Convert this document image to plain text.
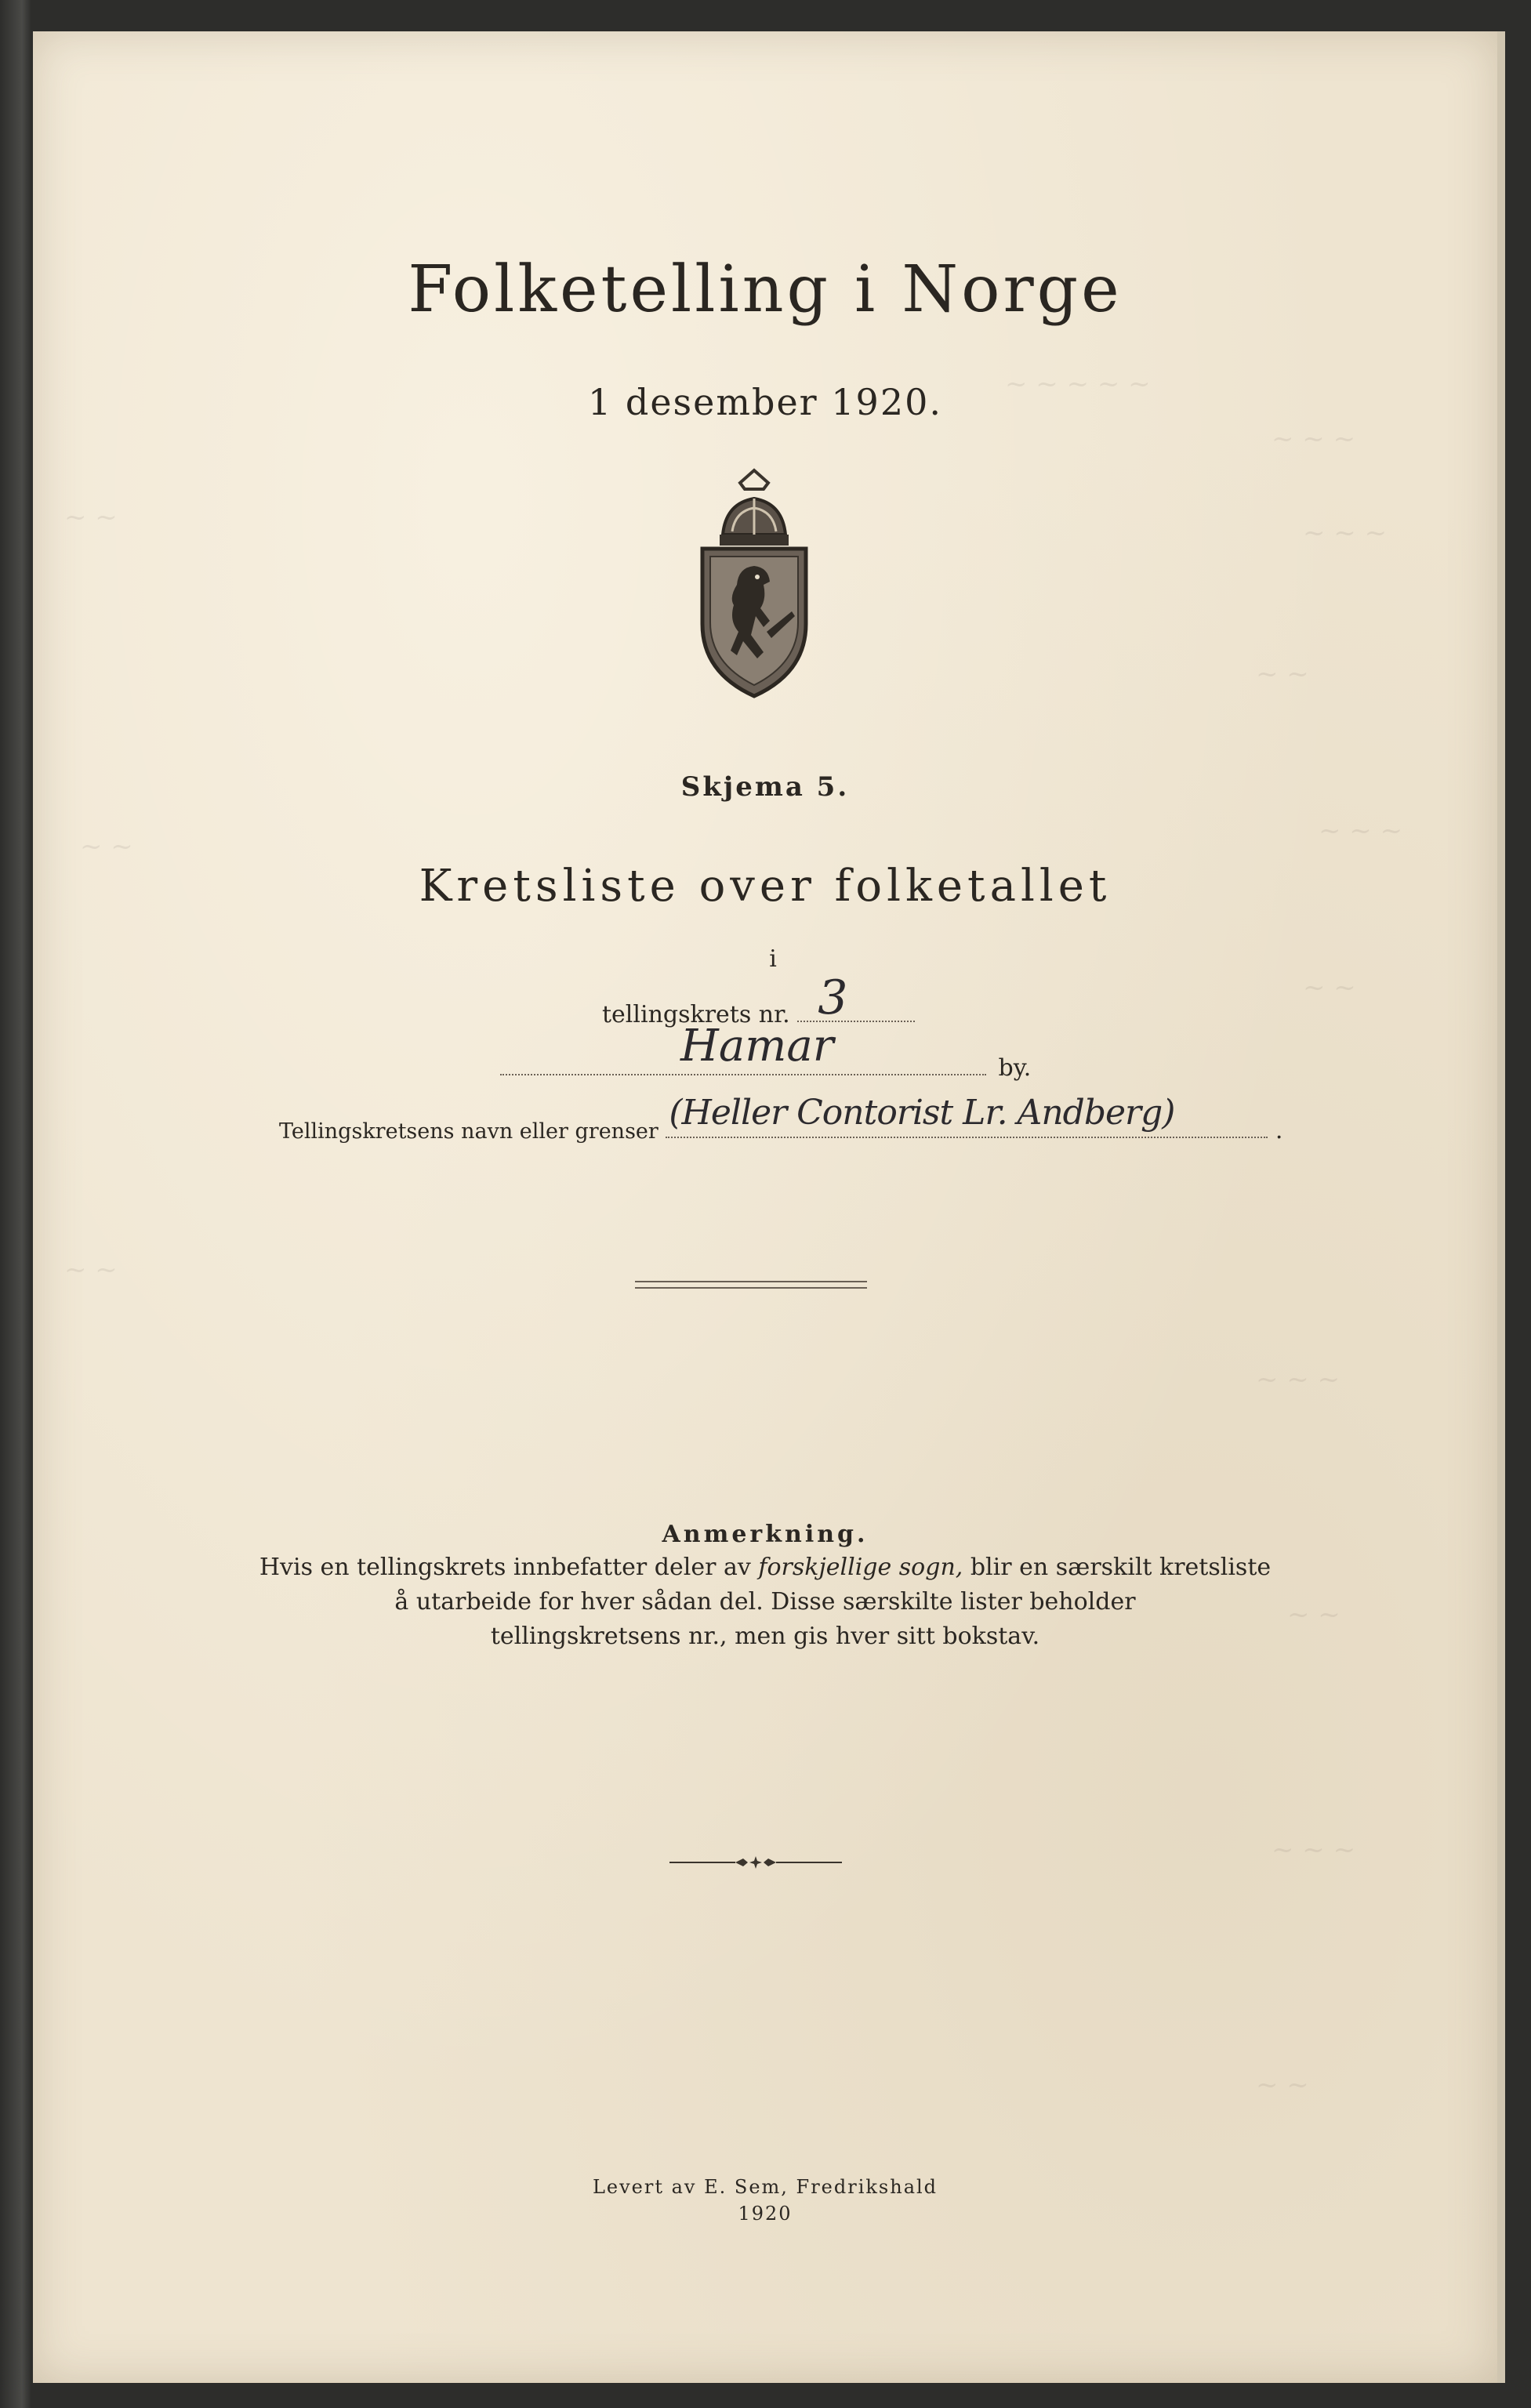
~ ~ ~ ~ ~
~ ~ ~
~ ~ ~
~ ~
~ ~ ~
~ ~
~ ~ ~
~ ~
~ ~ ~
~ ~
~ ~
~ ~
~ ~
Folketelling i Norge
1 desember 1920.
Skjema 5.
Kretsliste over folketallet
i
tellingskrets nr. 3
Hamar	by.
Tellingskretsens navn eller grenser (Heller Contorist Lr. Andberg)	.
Anmerkning.
Hvis en tellingskrets innbefatter deler av forskjellige sogn, blir en særskilt kretsliste
å utarbeide for hver sådan del. Disse særskilte lister beholder
tellingskretsens nr., men gis hver sitt bokstav.
Levert av E. Sem, Fredrikshald
1920
